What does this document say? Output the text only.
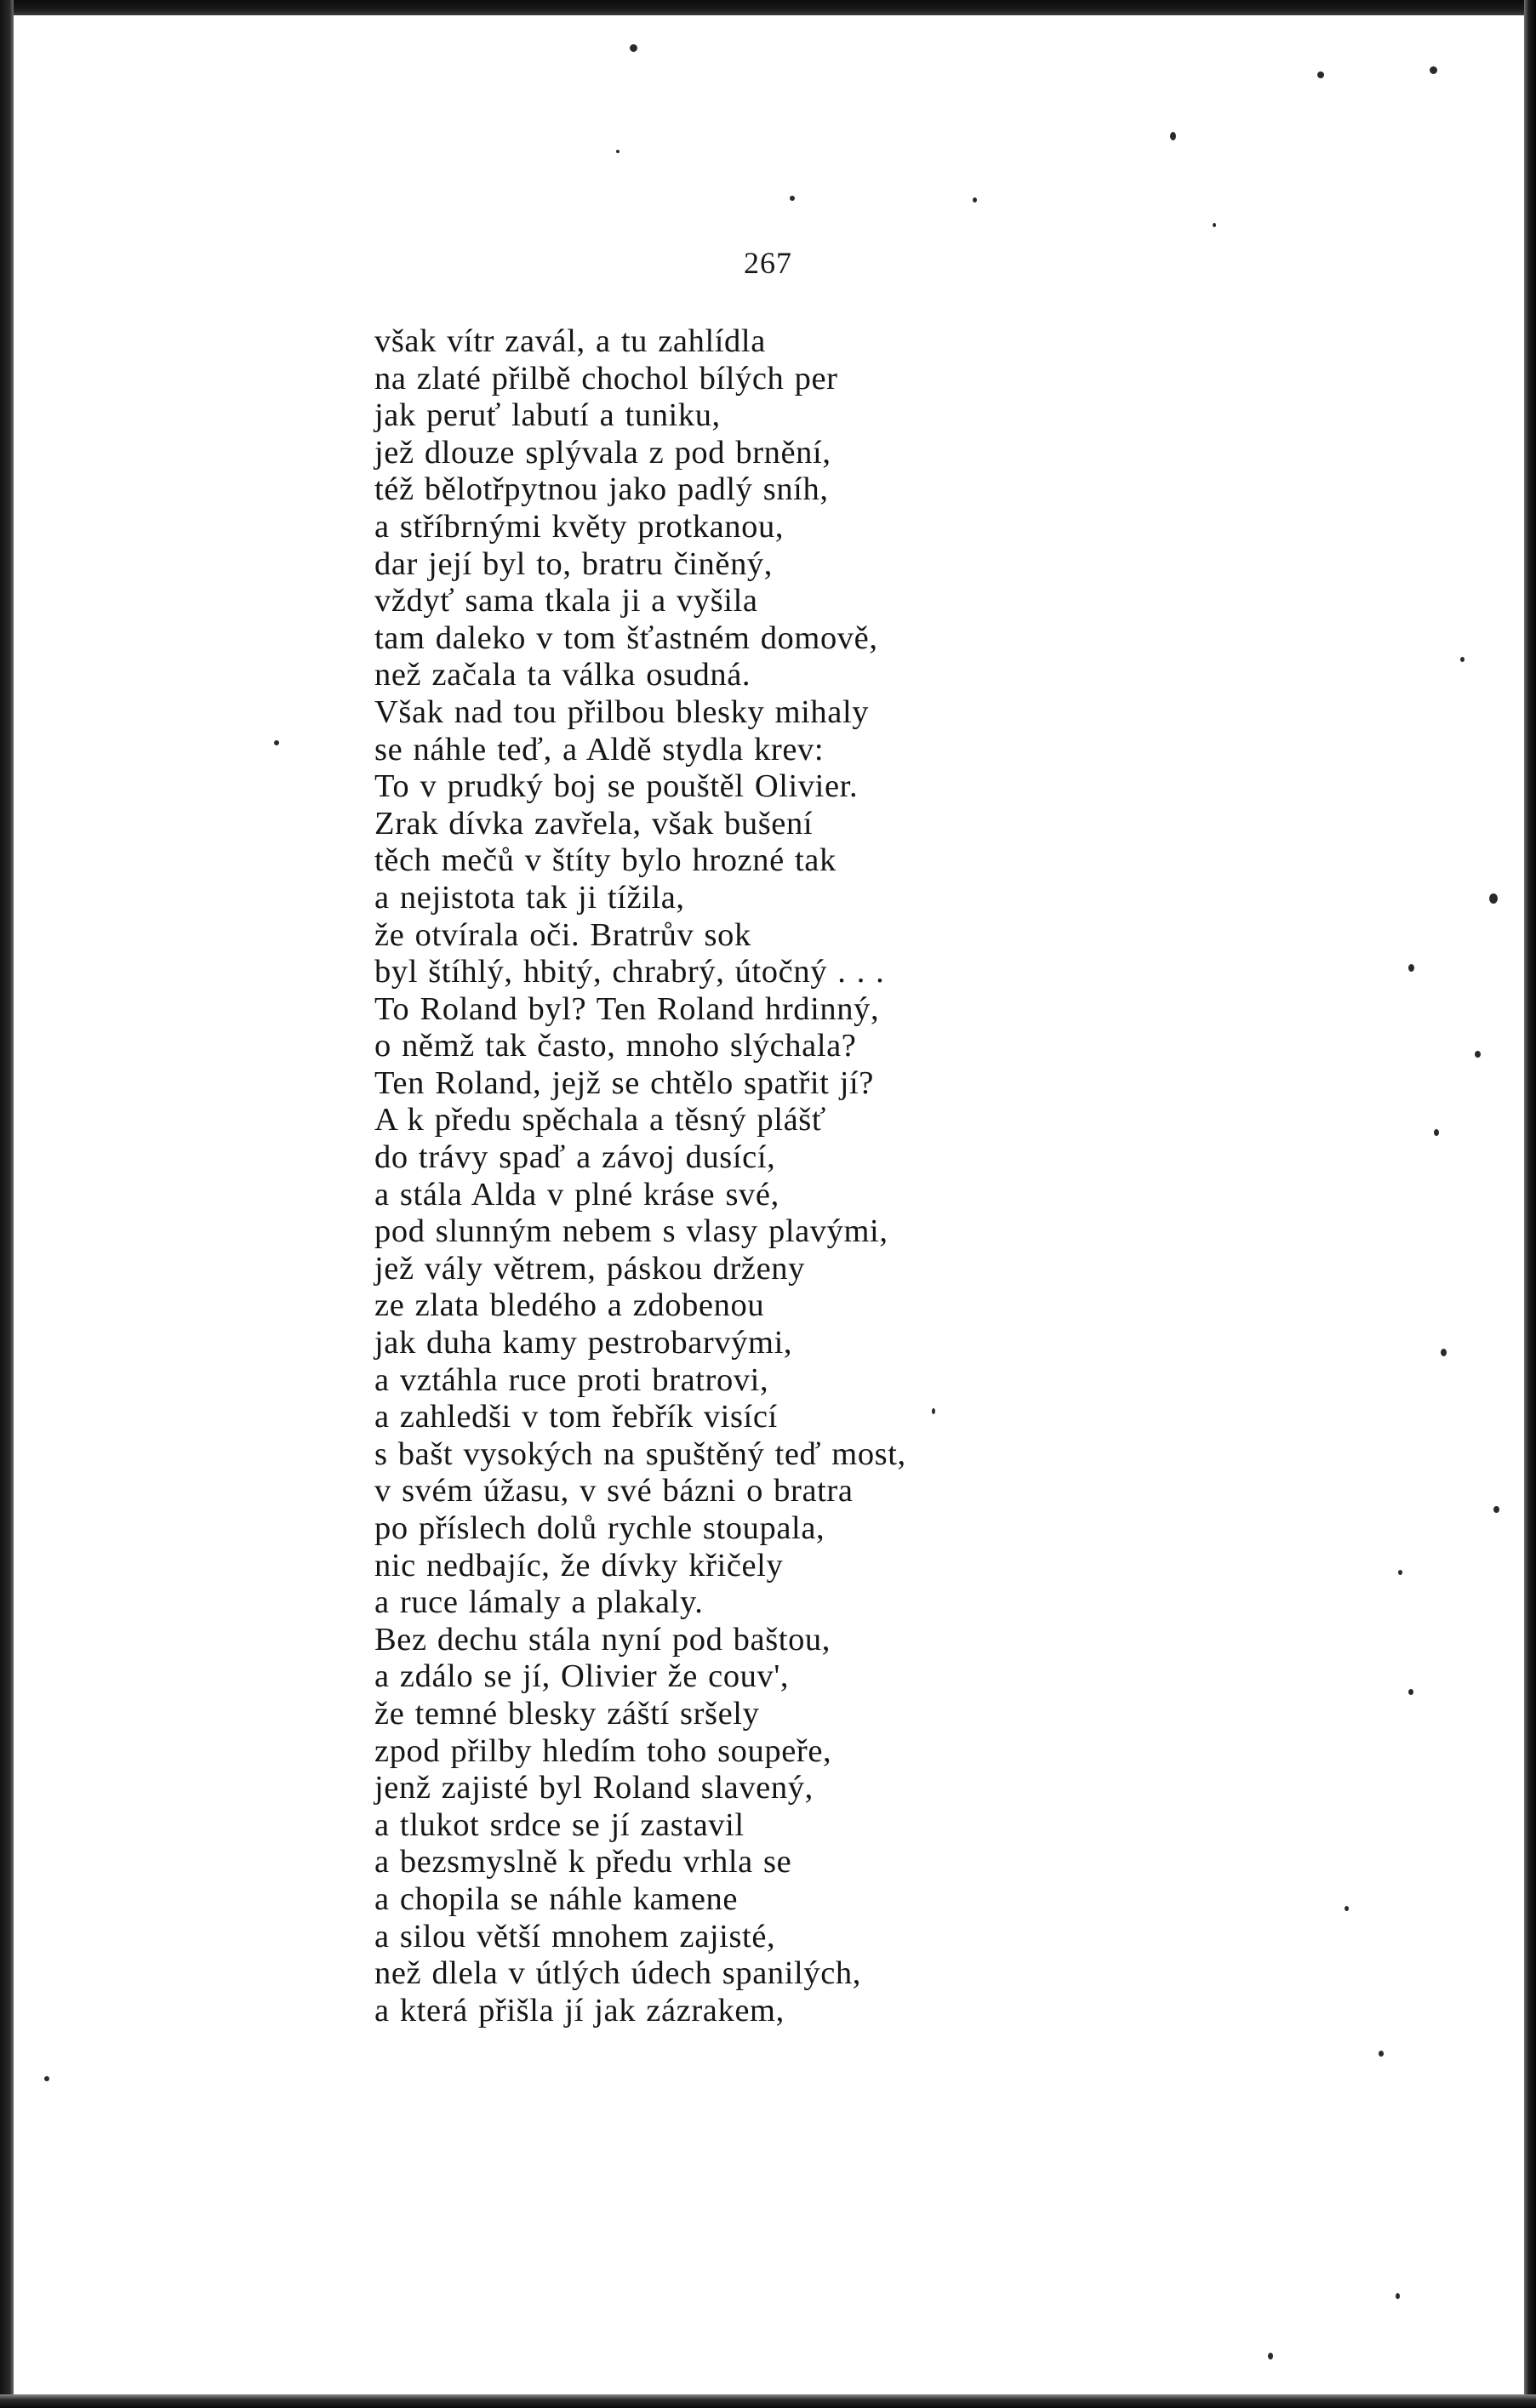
267
však vítr zavál, a tu zahlídla
na zlaté přilbě chochol bílých per
jak peruť labutí a tuniku,
jež dlouze splývala z pod brnění,
též bělotřpytnou jako padlý sníh,
a stříbrnými květy protkanou,
dar její byl to, bratru činěný,
vždyť sama tkala ji a vyšila
tam daleko v tom šťastném domově,
než začala ta válka osudná.
Však nad tou přilbou blesky mihaly
se náhle teď, a Aldě stydla krev:
To v prudký boj se pouštěl Olivier.
Zrak dívka zavřela, však bušení
těch mečů v štíty bylo hrozné tak
a nejistota tak ji tížila,
že otvírala oči. Bratrův sok
byl štíhlý, hbitý, chrabrý, útočný . . .
To Roland byl? Ten Roland hrdinný,
o němž tak často, mnoho slýchala?
Ten Roland, jejž se chtělo spatřit jí?
A k předu spěchala a těsný plášť
do trávy spaď a závoj dusící,
a stála Alda v plné kráse své,
pod slunným nebem s vlasy plavými,
jež vály větrem, páskou drženy
ze zlata bledého a zdobenou
jak duha kamy pestrobarvými,
a vztáhla ruce proti bratrovi,
a zahledši v tom řebřík visící
s bašt vysokých na spuštěný teď most,
v svém úžasu, v své bázni o bratra
po příslech dolů rychle stoupala,
nic nedbajíc, že dívky křičely
a ruce lámaly a plakaly.
Bez dechu stála nyní pod baštou,
a zdálo se jí, Olivier že couv',
že temné blesky záští sršely
zpod přilby hledím toho soupeře,
jenž zajisté byl Roland slavený,
a tlukot srdce se jí zastavil
a bezsmyslně k předu vrhla se
a chopila se náhle kamene
a silou větší mnohem zajisté,
než dlela v útlých údech spanilých,
a která přišla jí jak zázrakem,
